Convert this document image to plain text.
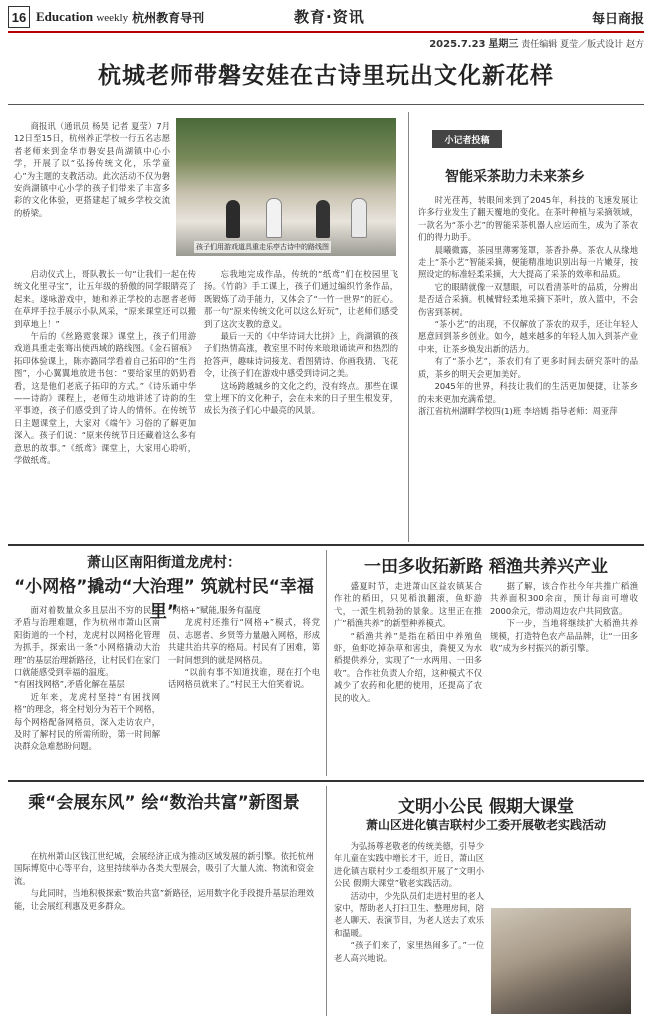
16 Education weekly 杭州教育导刊	教育·资讯	每日商报
2025.7.23 星期三 责任编辑 夏莹／版式设计 赵方
杭城老师带磐安娃在古诗里玩出文化新花样

商报讯（通讯员 杨昊 记者 夏莹）7月12日至15日，杭州养正学校一行五名志愿者老师来到金华市磐安县尚湖镇中心小学，开展了以“弘扬传统文化，乐学童心”为主题的支教活动。此次活动不仅为磐安尚湖镇中心小学的孩子们带来了丰富多彩的文化体验，更搭建起了城乡学校交流的桥梁。

孩子们用游戏道具重走乐亭古诗中的路线图

启动仪式上，哥队教长一句“让我们一起在传统文化里寻宝”，让五年级的骄傲的同学眼睛亮了起来。遂咏游戏中，她和养正学校的志愿者老师在草坪手拉手展示小队风采，“原来课堂还可以搬到草地上！”

午后的《丝路霓裳课》课堂上，孩子们用游戏道具重走张骞出使西域的路线图。《金石留痕》拓印体验课上，陈亦潞同学看着自己拓印的“生肖图”，小心翼翼地放进书包：“要给家里的奶奶看看，这是他们老底子拓印的方式。”《诗乐诵中华——诗韵》课程上，老师生动地讲述了诗韵的生平事迹，孩子们感受到了诗人的情怀。在传统节日主题课堂上，大家对《端午》习俗的了解更加深入。孩子们说：“原来传统节日还藏着这么多有意思的故事。”《纸鸢》课堂上，大家用心聆听，学做纸鸢。

忘我地完成作品，传统的“纸鸢”们在校园里飞扬。《竹韵》手工课上，孩子们通过编织竹条作品，既锻炼了动手能力，又体会了“一竹一世界”的匠心。那一句“原来传统文化可以这么好玩”，让老师们感受到了这次支教的意义。

最后一天的《中华诗词大比拼》上，尚湖镇的孩子们热情高涨，教室里不时传来琅琅诵读声和热烈的抢答声，趣味诗词接龙、看图猜诗、你画我猜、飞花令，让孩子们在游戏中感受到诗词之美。

这场跨越城乡的文化之约，没有终点。那些在课堂上埋下的文化种子，会在未来的日子里生根发芽，成长为孩子们心中最亮的风景。

小记者投稿
智能采茶助力未来茶乡

时光荏苒，转眼间来到了2045年，科技的飞速发展让许多行业发生了翻天覆地的变化。在茶叶种植与采摘领域，一款名为“茶小艺”的智能采茶机器人应运而生，成为了茶农们的得力助手。

晨曦微露，茶园里薄雾笼罩，茶香扑鼻。茶农人从缘地走上“茶小艺”智能采摘，便能精准地识别出每一片嫩芽，按照设定的标准轻柔采摘，大大提高了采茶的效率和品质。

它的眼睛就像一双慧眼，可以看清茶叶的品质，分辨出是否适合采摘。机械臂轻柔地采摘下茶叶，放入篮中，不会伤害到茶树。

“茶小艺”的出现，不仅解放了茶农的双手，还让年轻人愿意回到茶乡创业。如今，越来越多的年轻人加入到茶产业中来，让茶乡焕发出新的活力。

有了“茶小艺”，茶农们有了更多时间去研究茶叶的品质，茶乡的明天会更加美好。

2045年的世界，科技让我们的生活更加便捷，让茶乡的未来更加充满希望。

浙江省杭州湖畔学校四(1)班 李培嫣 指导老师：周亚萍

萧山区南阳街道龙虎村：
“小网格”撬动“大治理” 筑就村民“幸福里”

面对着数量众多且层出不穷的民生矛盾与治理难题，作为杭州市萧山区南阳街道的一个村，龙虎村以网格化管理为抓手，探索出一条“小网格撬动大治理”的基层治理新路径，让村民们在家门口就能感受到幸福的温度。

“有困找网格”,矛盾化解在基层

近年来，龙虎村坚持“有困找网格”的理念，将全村划分为若干个网格，每个网格配备网格员，深入走访农户，及时了解村民的所需所盼，第一时间解决群众急难愁盼问题。

“网格+”赋能,服务有温度

龙虎村还推行“网格+”模式，将党员、志愿者、乡贤等力量融入网格，形成共建共治共享的格局。村民有了困难，第一时间想到的就是网格员。

“以前有事不知道找谁，现在打个电话网格员就来了。”村民王大伯笑着说。

一田多收拓新路 稻渔共养兴产业

盛夏时节，走进萧山区益农镇某合作社的稻田，只见稻浪翻滚，鱼虾游弋，一派生机勃勃的景象。这里正在推广“稻渔共养”的新型种养模式。

“稻渔共养”是指在稻田中养殖鱼虾，鱼虾吃掉杂草和害虫，粪便又为水稻提供养分，实现了“一水两用、一田多收”。合作社负责人介绍，这种模式不仅减少了农药和化肥的使用，还提高了农民的收入。

据了解，该合作社今年共推广稻渔共养面积300余亩，预计每亩可增收2000余元，带动周边农户共同致富。

下一步，当地将继续扩大稻渔共养规模，打造特色农产品品牌，让“一田多收”成为乡村振兴的新引擎。

乘“会展东风” 绘“数治共富”新图景

在杭州萧山区钱江世纪城，会展经济正成为推动区域发展的新引擎。依托杭州国际博览中心等平台，这里持续举办各类大型展会，吸引了大量人流、物流和资金流。

与此同时，当地积极探索“数治共富”新路径，运用数字化手段提升基层治理效能，让会展红利惠及更多群众。

文明小公民 假期大课堂
萧山区进化镇吉联村少工委开展敬老实践活动

为弘扬尊老敬老的传统美德，引导少年儿童在实践中增长才干，近日，萧山区进化镇吉联村少工委组织开展了“文明小公民 假期大课堂”敬老实践活动。

活动中，少先队员们走进村里的老人家中，帮助老人打扫卫生、整理房间，陪老人聊天、表演节目，为老人送去了欢乐和温暖。

“孩子们来了，家里热闹多了。”一位老人高兴地说。
